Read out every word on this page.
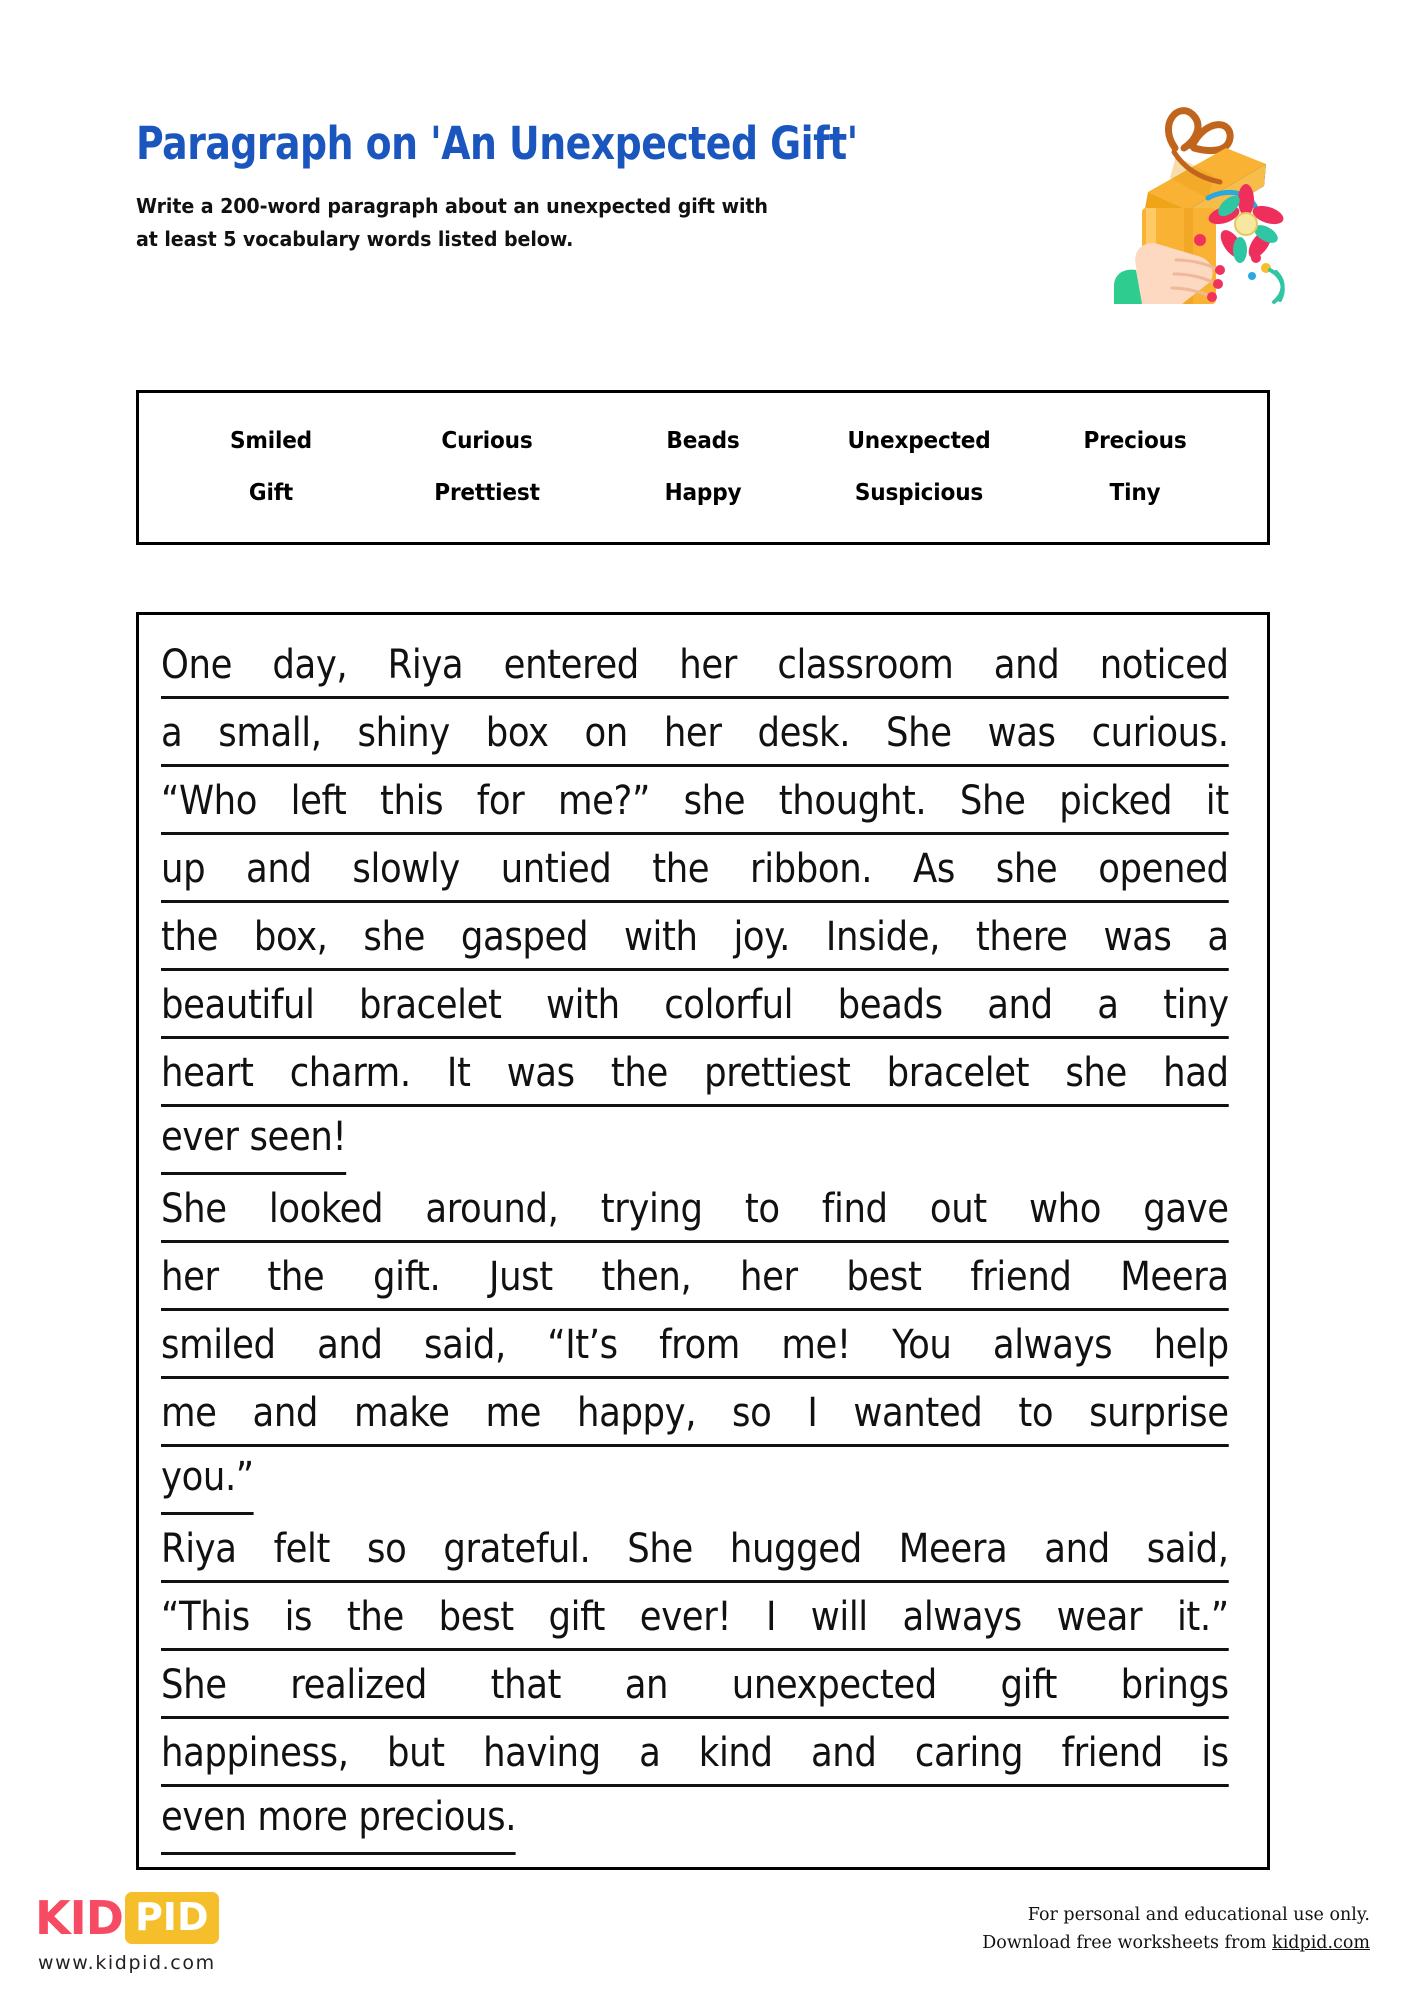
Paragraph on 'An Unexpected Gift'

Write a 200-word paragraph about an unexpected gift with at least 5 vocabulary words listed below.

Smiled	Curious	Beads	Unexpected	Precious
Gift	Prettiest	Happy	Suspicious	Tiny
One day, Riya entered her classroom and noticed
a small, shiny box on her desk. She was curious.
“Who left this for me?” she thought. She picked it
up and slowly untied the ribbon. As she opened
the box, she gasped with joy. Inside, there was a
beautiful bracelet with colorful beads and a tiny
heart charm. It was the prettiest bracelet she had
ever seen!
She looked around, trying to find out who gave
her the gift. Just then, her best friend Meera
smiled and said, “It’s from me! You always help
me and make me happy, so I wanted to surprise
you.”
Riya felt so grateful. She hugged Meera and said,
“This is the best gift ever! I will always wear it.”
She realized that an unexpected gift brings
happiness, but having a kind and caring friend is
even more precious.
KID PID
www.kidpid.com
For personal and educational use only.
Download free worksheets from kidpid.com
